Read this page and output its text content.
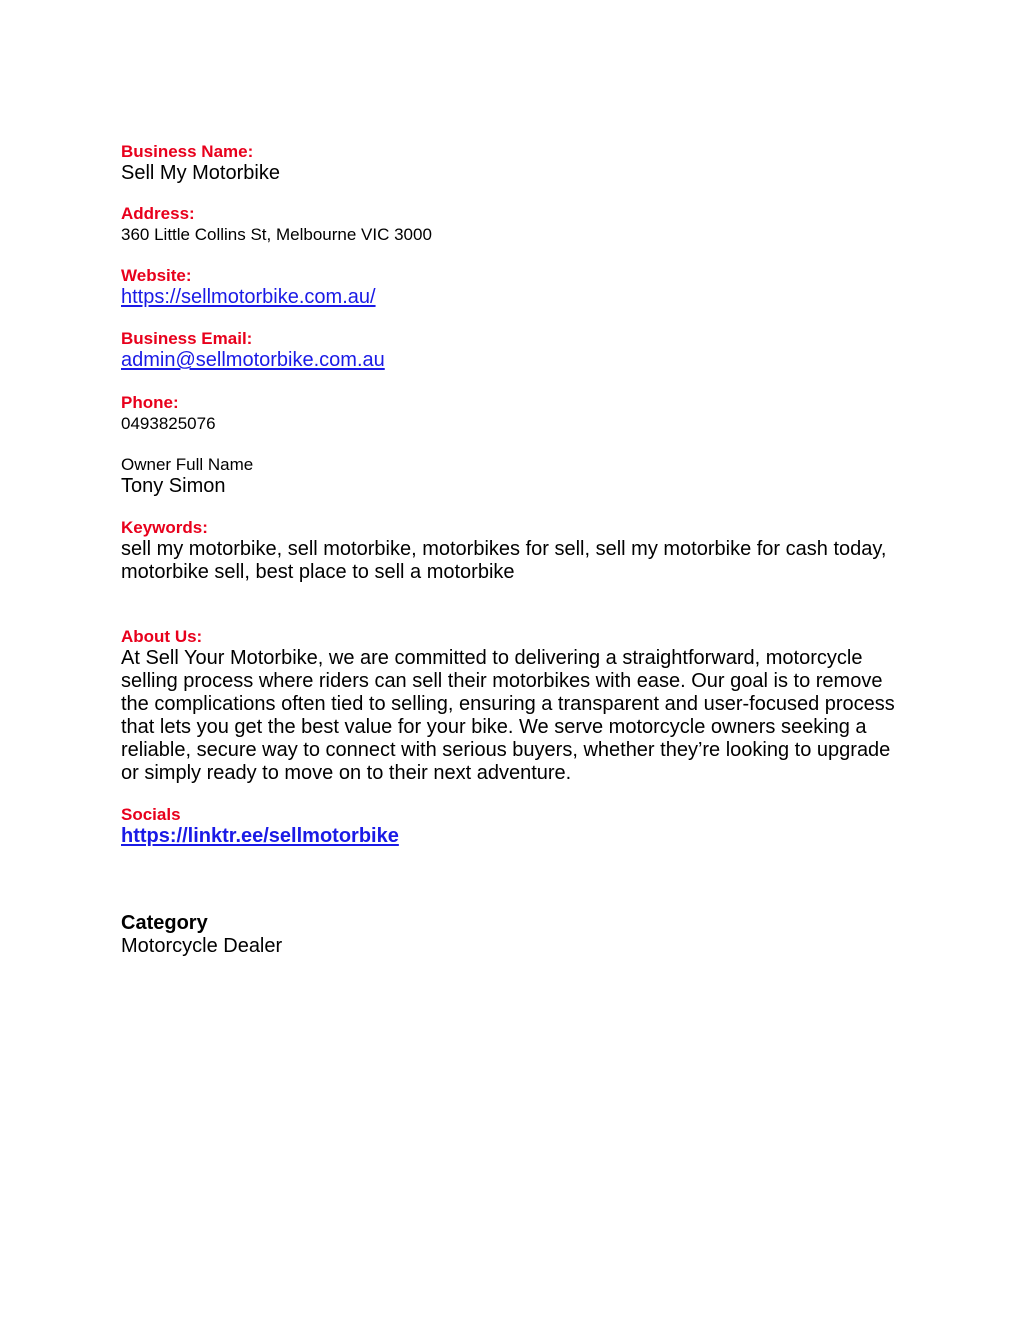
Business Name:
Sell My Motorbike
Address:
360 Little Collins St, Melbourne VIC 3000
Website:
https://sellmotorbike.com.au/
Business Email:
admin@sellmotorbike.com.au
Phone:
0493825076
Owner Full Name
Tony Simon
Keywords:
sell my motorbike, sell motorbike, motorbikes for sell, sell my motorbike for cash today,
motorbike sell, best place to sell a motorbike
About Us:
At Sell Your Motorbike, we are committed to delivering a straightforward, motorcycle
selling process where riders can sell their motorbikes with ease. Our goal is to remove
the complications often tied to selling, ensuring a transparent and user-focused process
that lets you get the best value for your bike. We serve motorcycle owners seeking a
reliable, secure way to connect with serious buyers, whether they’re looking to upgrade
or simply ready to move on to their next adventure.
Socials
https://linktr.ee/sellmotorbike
Category
Motorcycle Dealer
